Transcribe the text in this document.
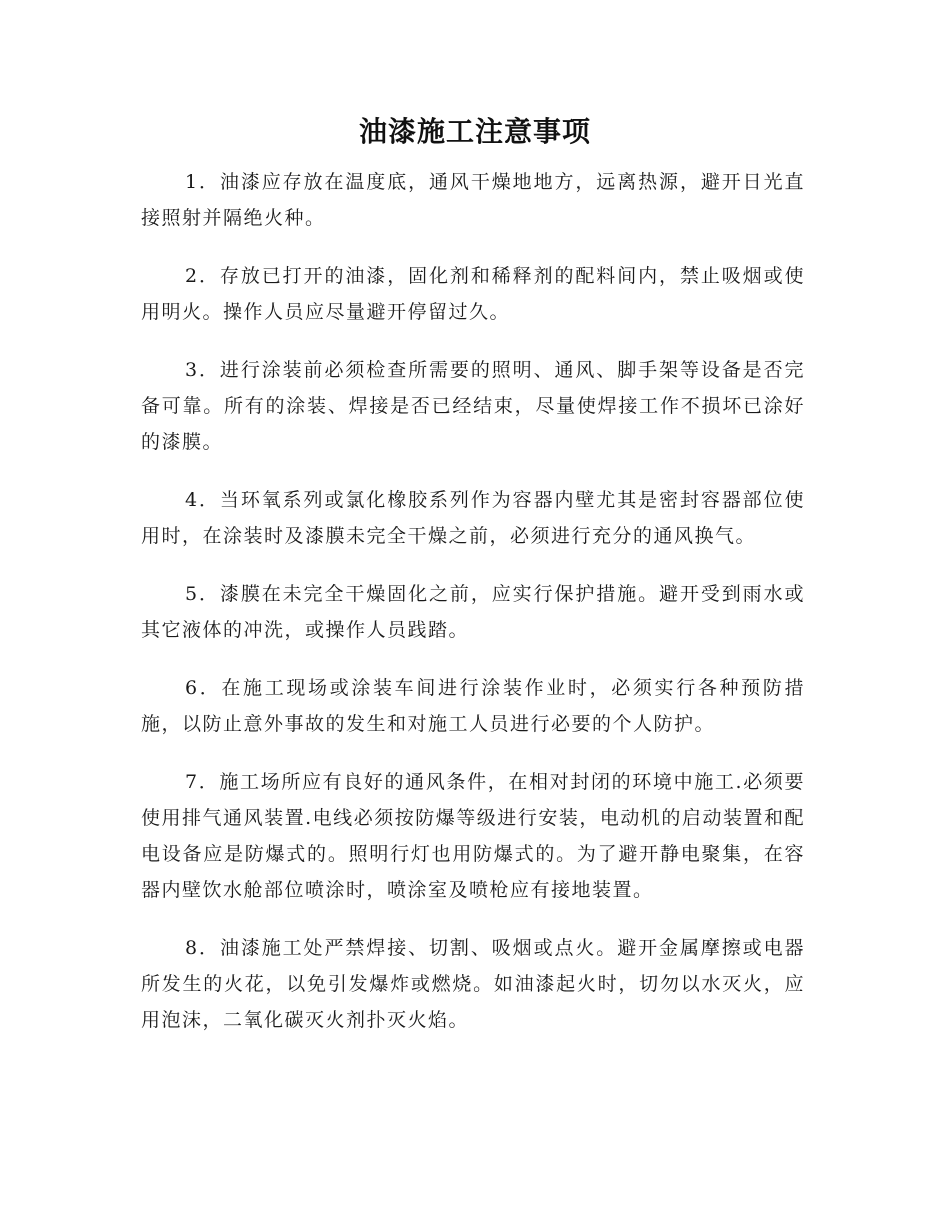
油漆施工注意事项

1．油漆应存放在温度底，通风干燥地地方，远离热源，避开日光直接照射并隔绝火种。

2．存放已打开的油漆，固化剂和稀释剂的配料间内，禁止吸烟或使用明火。操作人员应尽量避开停留过久。

3．进行涂装前必须检查所需要的照明、通风、脚手架等设备是否完备可靠。所有的涂装、焊接是否已经结束，尽量使焊接工作不损坏已涂好的漆膜。

4．当环氧系列或氯化橡胶系列作为容器内壁尤其是密封容器部位使用时，在涂装时及漆膜未完全干燥之前，必须进行充分的通风换气。

5．漆膜在未完全干燥固化之前，应实行保护措施。避开受到雨水或其它液体的冲洗，或操作人员践踏。

6．在施工现场或涂装车间进行涂装作业时，必须实行各种预防措施，以防止意外事故的发生和对施工人员进行必要的个人防护。

7．施工场所应有良好的通风条件，在相对封闭的环境中施工.必须要使用排气通风装置.电线必须按防爆等级进行安装，电动机的启动装置和配电设备应是防爆式的。照明行灯也用防爆式的。为了避开静电聚集，在容器内壁饮水舱部位喷涂时，喷涂室及喷枪应有接地装置。

8．油漆施工处严禁焊接、切割、吸烟或点火。避开金属摩擦或电器所发生的火花，以免引发爆炸或燃烧。如油漆起火时，切勿以水灭火，应用泡沫，二氧化碳灭火剂扑灭火焰。
